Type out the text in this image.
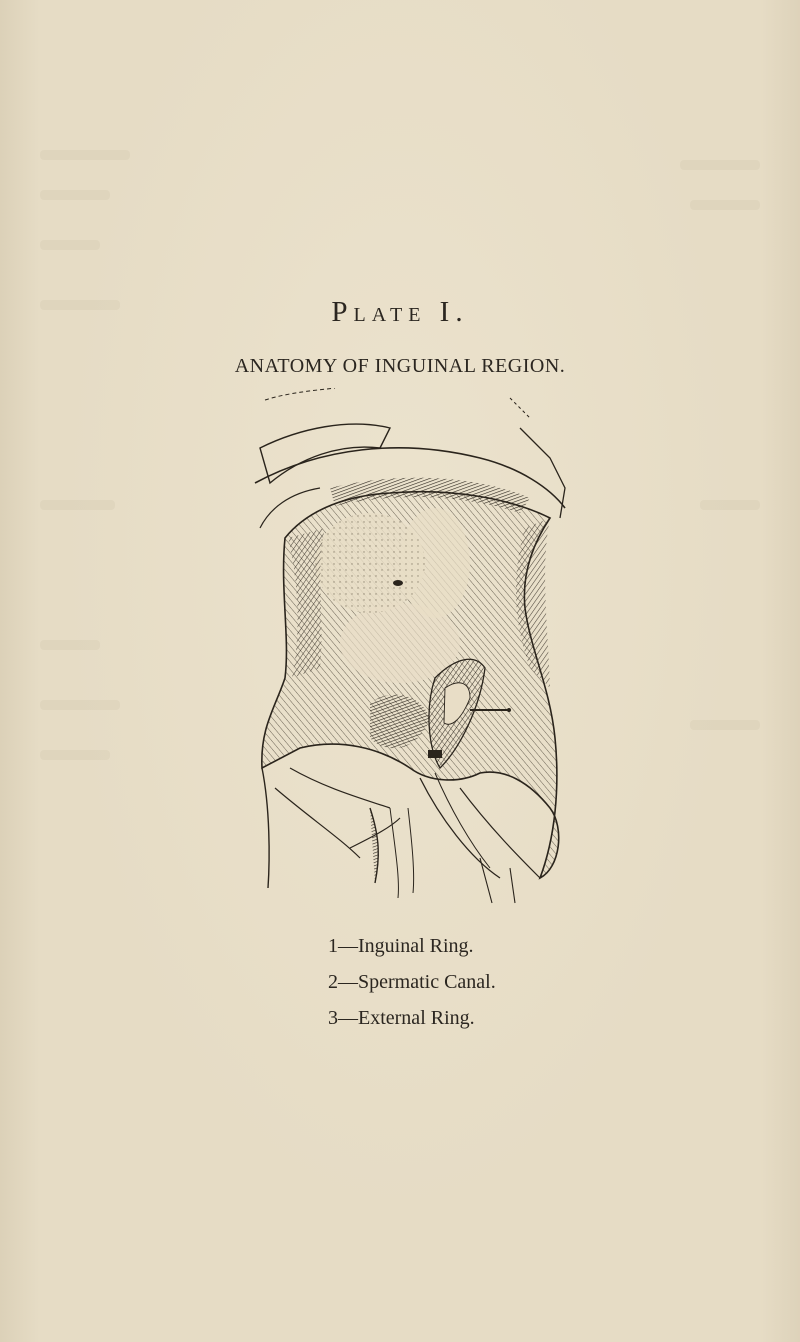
Plate I.
ANATOMY OF INGUINAL REGION.
1—Inguinal Ring.
2—Spermatic Canal.
3—External Ring.
